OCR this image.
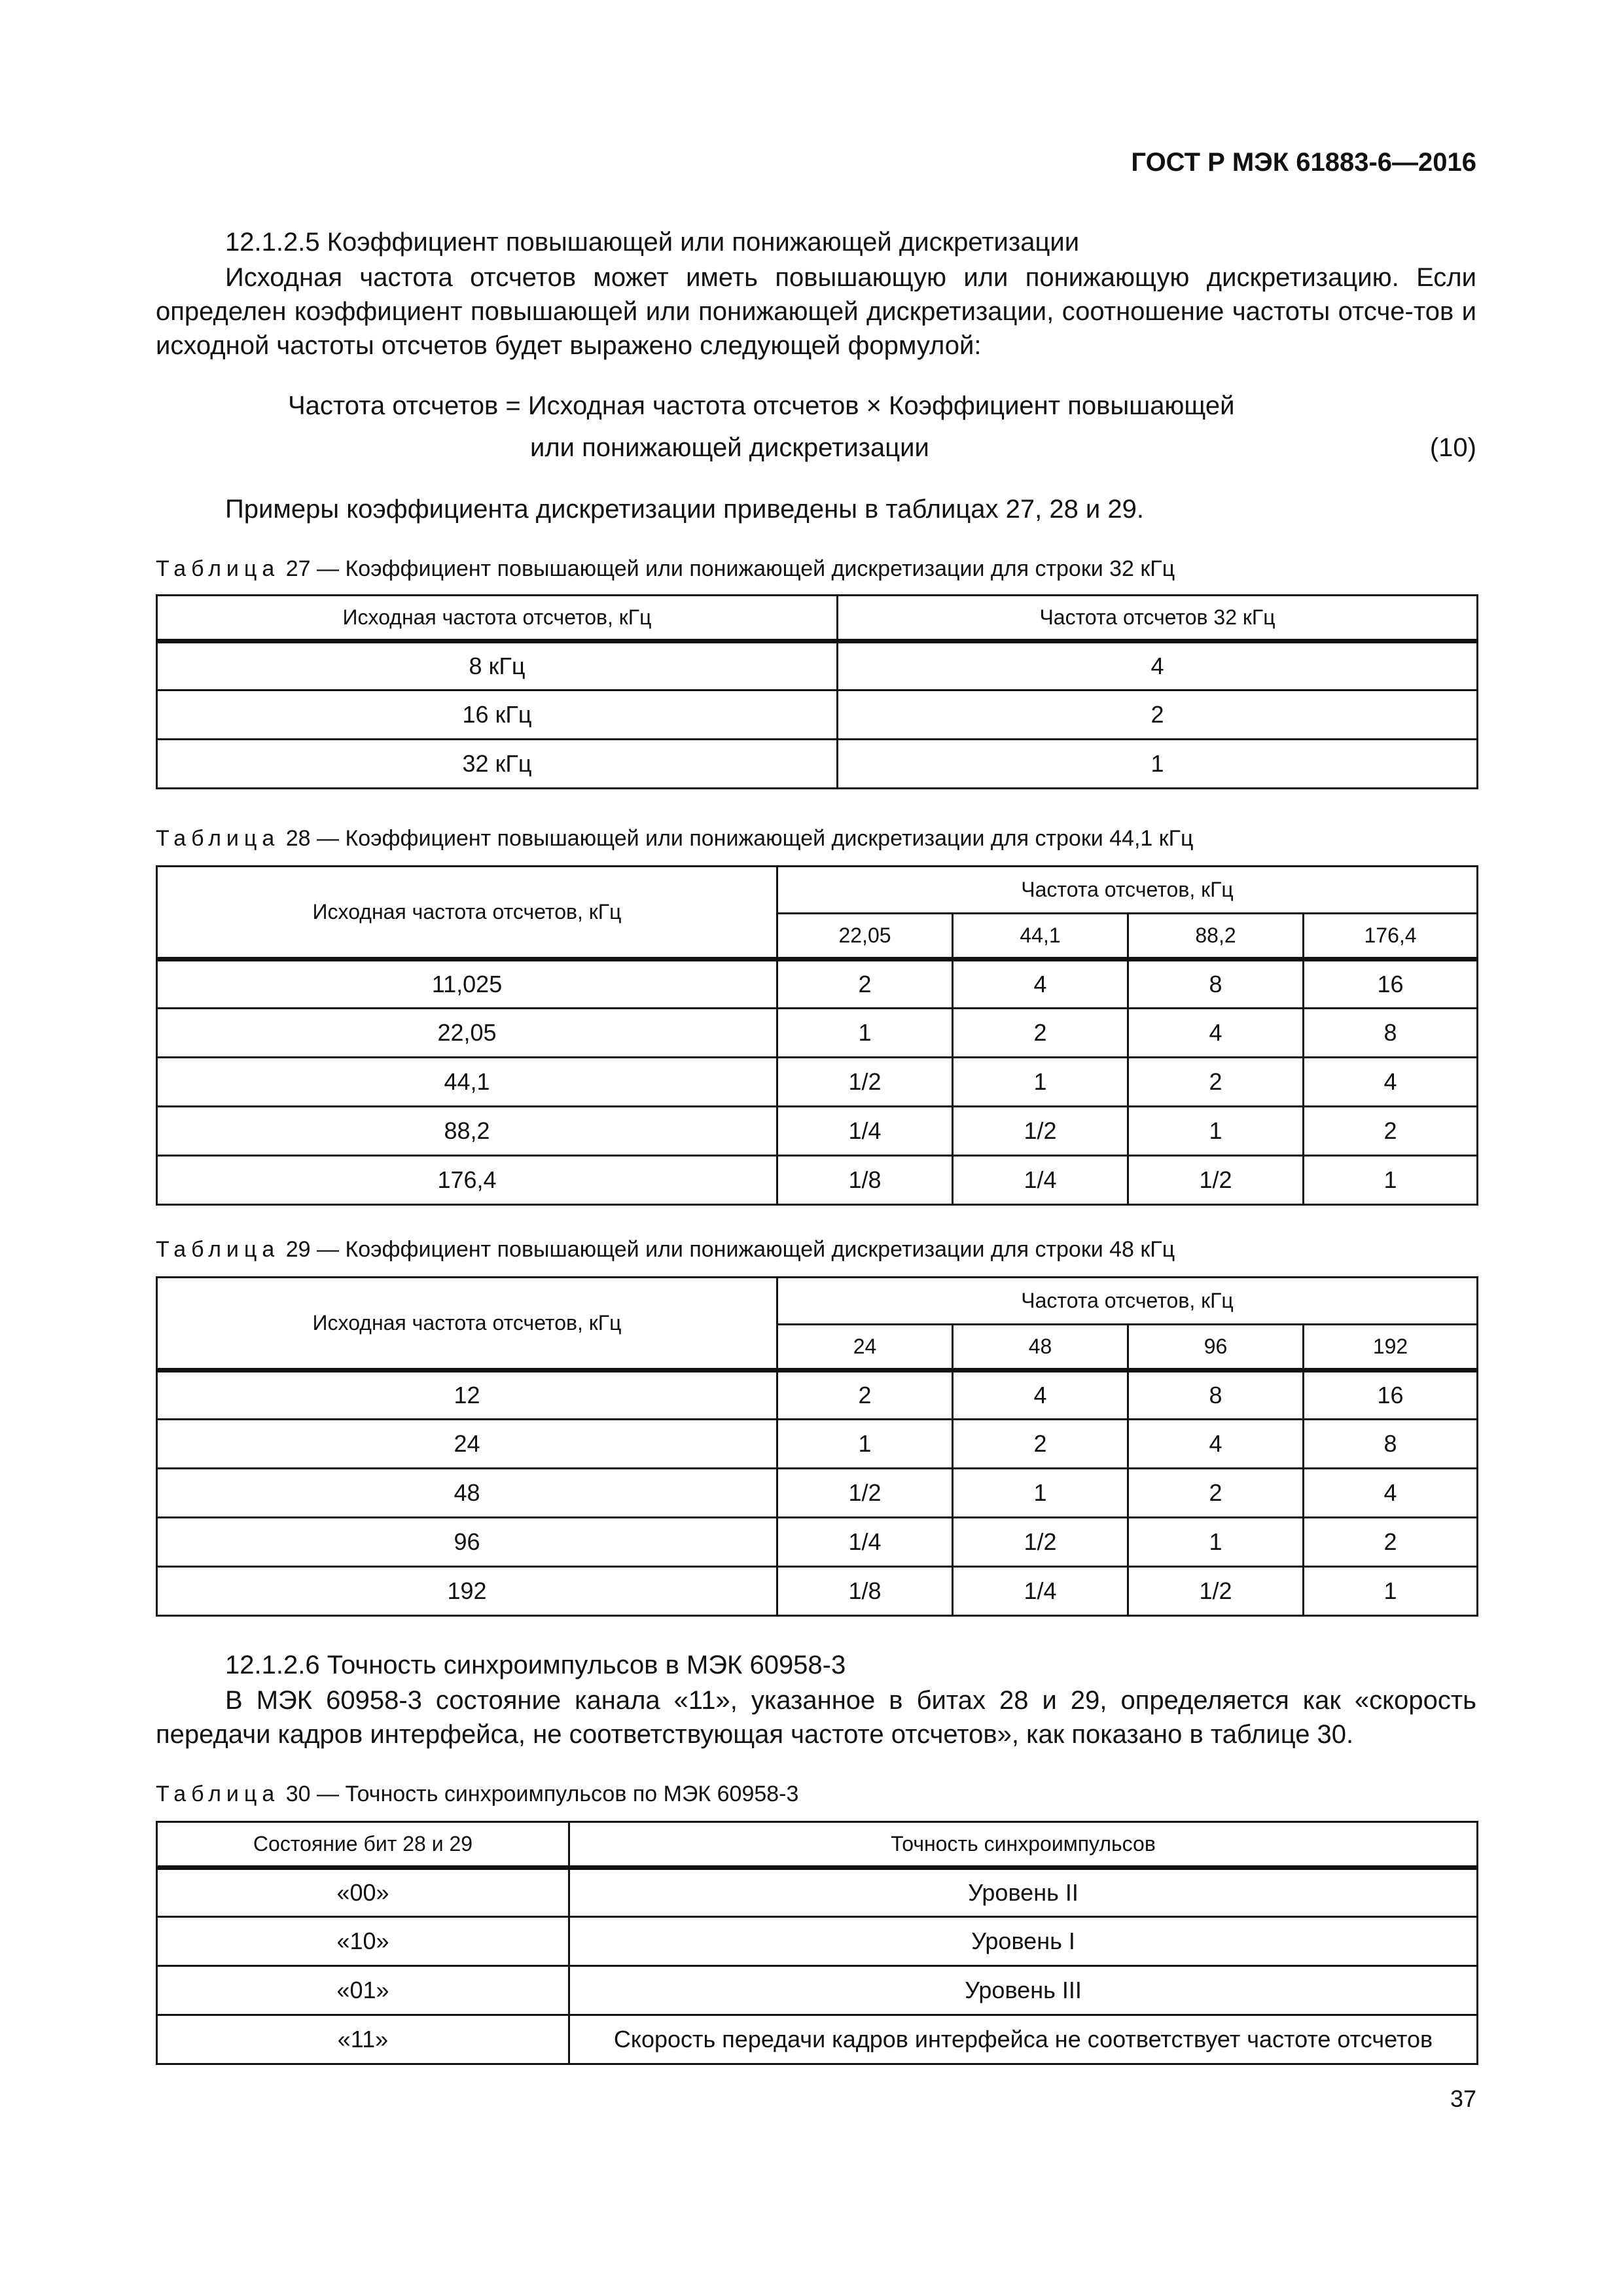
ГОСТ Р МЭК 61883-6—2016
12.1.2.5 Коэффициент повышающей или понижающей дискретизации
Исходная частота отсчетов может иметь повышающую или понижающую дискретизацию. Если определен коэффициент повышающей или понижающей дискретизации, соотношение частоты отсче-тов и исходной частоты отсчетов будет выражено следующей формулой:
Частота отсчетов = Исходная частота отсчетов × Коэффициент повышающей
или понижающей дискретизации	(10)
Примеры коэффициента дискретизации приведены в таблицах 27, 28 и 29.
Таблица 27 — Коэффициент повышающей или понижающей дискретизации для строки 32 кГц
Исходная частота отсчетов, кГц	Частота отсчетов 32 кГц
8 кГц	4
16 кГц	2
32 кГц	1
Таблица 28 — Коэффициент повышающей или понижающей дискретизации для строки 44,1 кГц
Исходная частота отсчетов, кГц	Частота отсчетов, кГц			
	22,05	44,1	88,2	176,4
11,025	2	4	8	16
22,05	1	2	4	8
44,1	1/2	1	2	4
88,2	1/4	1/2	1	2
176,4	1/8	1/4	1/2	1
Таблица 29 — Коэффициент повышающей или понижающей дискретизации для строки 48 кГц
Исходная частота отсчетов, кГц	Частота отсчетов, кГц			
	24	48	96	192
12	2	4	8	16
24	1	2	4	8
48	1/2	1	2	4
96	1/4	1/2	1	2
192	1/8	1/4	1/2	1
12.1.2.6 Точность синхроимпульсов в МЭК 60958-3
В МЭК 60958-3 состояние канала «11», указанное в битах 28 и 29, определяется как «скорость передачи кадров интерфейса, не соответствующая частоте отсчетов», как показано в таблице 30.
Таблица 30 — Точность синхроимпульсов по МЭК 60958-3
Состояние бит 28 и 29	Точность синхроимпульсов
«00»	Уровень II
«10»	Уровень I
«01»	Уровень III
«11»	Скорость передачи кадров интерфейса не соответствует частоте отсчетов
37
